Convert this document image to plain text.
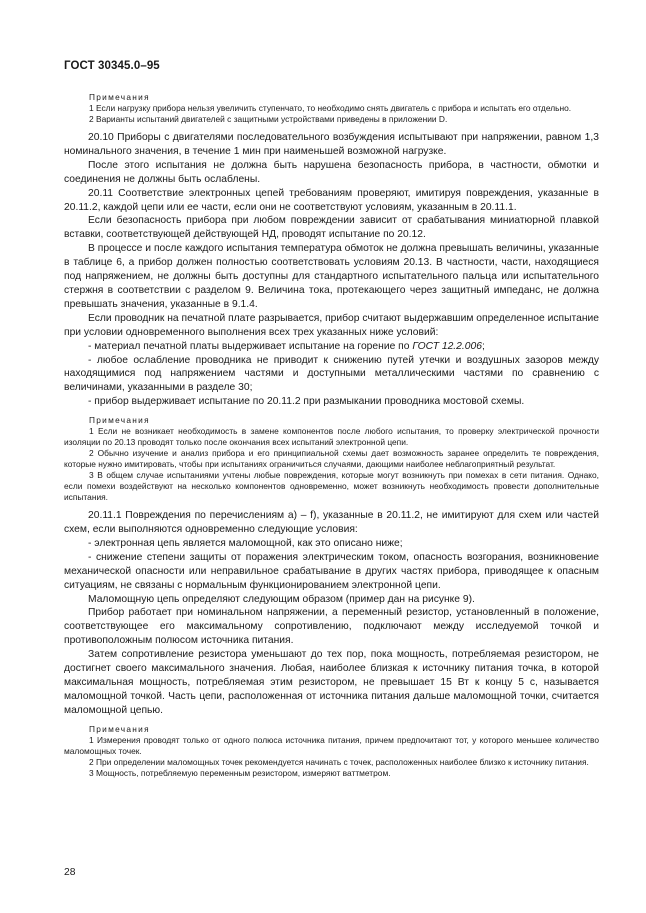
ГОСТ 30345.0–95
Примечания
1 Если нагрузку прибора нельзя увеличить ступенчато, то необходимо снять двигатель с прибора и испытать его отдельно.
2 Варианты испытаний двигателей с защитными устройствами приведены в приложении D.
20.10 Приборы с двигателями последовательного возбуждения испытывают при напряжении, равном 1,3 номинального значения, в течение 1 мин при наименьшей возможной нагрузке.
После этого испытания не должна быть нарушена безопасность прибора, в частности, обмотки и соединения не должны быть ослаблены.
20.11 Соответствие электронных цепей требованиям проверяют, имитируя повреждения, указанные в 20.11.2, каждой цепи или ее части, если они не соответствуют условиям, указанным в 20.11.1.
Если безопасность прибора при любом повреждении зависит от срабатывания миниатюрной плавкой вставки, соответствующей действующей НД, проводят испытание по 20.12.
В процессе и после каждого испытания температура обмоток не должна превышать величины, указанные в таблице 6, а прибор должен полностью соответствовать условиям 20.13. В частности, части, находящиеся под напряжением, не должны быть доступны для стандартного испытательного пальца или испытательного стержня в соответствии с разделом 9. Величина тока, протекающего через защитный импеданс, не должна превышать значения, указанные в 9.1.4.
Если проводник на печатной плате разрывается, прибор считают выдержавшим определенное испытание при условии одновременного выполнения всех трех указанных ниже условий:
- материал печатной платы выдерживает испытание на горение по ГОСТ 12.2.006;
- любое ослабление проводника не приводит к снижению путей утечки и воздушных зазоров между находящимися под напряжением частями и доступными металлическими частями по сравнению с величинами, указанными в разделе 30;
- прибор выдерживает испытание по 20.11.2 при размыкании проводника мостовой схемы.
Примечания
1 Если не возникает необходимость в замене компонентов после любого испытания, то проверку электрической прочности изоляции по 20.13 проводят только после окончания всех испытаний электронной цепи.
2 Обычно изучение и анализ прибора и его принципиальной схемы дает возможность заранее определить те повреждения, которые нужно имитировать, чтобы при испытаниях ограничиться случаями, дающими наиболее неблагоприятный результат.
3 В общем случае испытаниями учтены любые повреждения, которые могут возникнуть при помехах в сети питания. Однако, если помехи воздействуют на несколько компонентов одновременно, может возникнуть необходимость провести дополнительные испытания.
20.11.1 Повреждения по перечислениям а) – f), указанные в 20.11.2, не имитируют для схем или частей схем, если выполняются одновременно следующие условия:
- электронная цепь является маломощной, как это описано ниже;
- снижение степени защиты от поражения электрическим током, опасность возгорания, возникновение механической опасности или неправильное срабатывание в других частях прибора, приводящее к опасным ситуациям, не связаны с нормальным функционированием электронной цепи.
Маломощную цепь определяют следующим образом (пример дан на рисунке 9).
Прибор работает при номинальном напряжении, а переменный резистор, установленный в положение, соответствующее его максимальному сопротивлению, подключают между исследуемой точкой и противоположным полюсом источника питания.
Затем сопротивление резистора уменьшают до тех пор, пока мощность, потребляемая резистором, не достигнет своего максимального значения. Любая, наиболее близкая к источнику питания точка, в которой максимальная мощность, потребляемая этим резистором, не превышает 15 Вт к концу 5 с, называется маломощной точкой. Часть цепи, расположенная от источника питания дальше маломощной точки, считается маломощной цепью.
Примечания
1 Измерения проводят только от одного полюса источника питания, причем предпочитают тот, у которого меньшее количество маломощных точек.
2 При определении маломощных точек рекомендуется начинать с точек, расположенных наиболее близко к источнику питания.
3 Мощность, потребляемую переменным резистором, измеряют ваттметром.
28
